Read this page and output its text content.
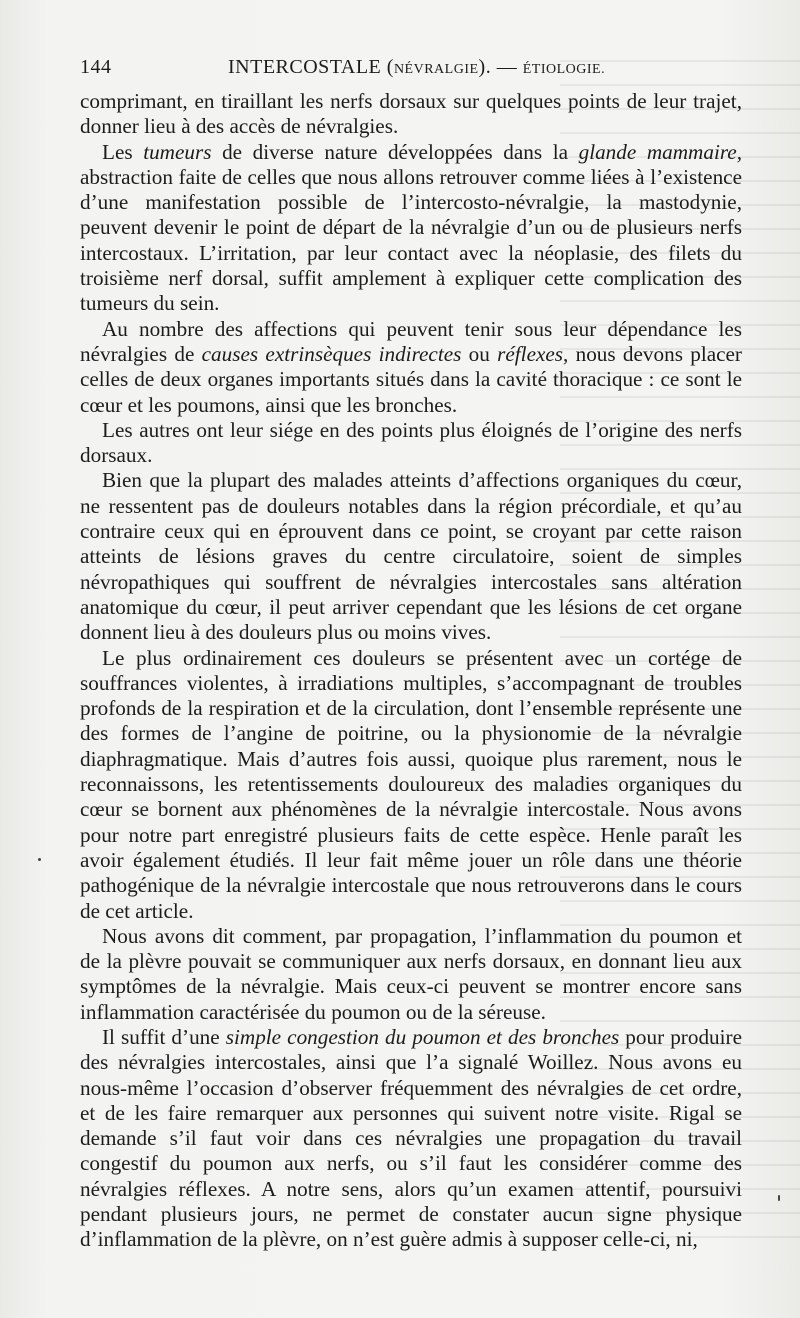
144	INTERCOSTALE (NÉVRALGIE). — ÉTIOLOGIE.

comprimant, en tiraillant les nerfs dorsaux sur quelques points de leur trajet, donner lieu à des accès de névralgies.

Les tumeurs de diverse nature développées dans la glande mammaire, abstraction faite de celles que nous allons retrouver comme liées à l’existence d’une manifestation possible de l’intercosto-névralgie, la mastodynie, peuvent devenir le point de départ de la névralgie d’un ou de plusieurs nerfs intercostaux. L’irritation, par leur contact avec la néoplasie, des filets du troisième nerf dorsal, suffit amplement à expliquer cette complication des tumeurs du sein.

Au nombre des affections qui peuvent tenir sous leur dépendance les névralgies de causes extrinsèques indirectes ou réflexes, nous devons placer celles de deux organes importants situés dans la cavité thoracique : ce sont le cœur et les poumons, ainsi que les bronches.

Les autres ont leur siége en des points plus éloignés de l’origine des nerfs dorsaux.

Bien que la plupart des malades atteints d’affections organiques du cœur, ne ressentent pas de douleurs notables dans la région précordiale, et qu’au contraire ceux qui en éprouvent dans ce point, se croyant par cette raison atteints de lésions graves du centre circulatoire, soient de simples névropathiques qui souffrent de névralgies intercostales sans altération anatomique du cœur, il peut arriver cependant que les lésions de cet organe donnent lieu à des douleurs plus ou moins vives.

Le plus ordinairement ces douleurs se présentent avec un cortége de souffrances violentes, à irradiations multiples, s’accompagnant de troubles profonds de la respiration et de la circulation, dont l’ensemble représente une des formes de l’angine de poitrine, ou la physionomie de la névralgie diaphragmatique. Mais d’autres fois aussi, quoique plus rarement, nous le reconnaissons, les retentissements douloureux des maladies organiques du cœur se bornent aux phénomènes de la névralgie intercostale. Nous avons pour notre part enregistré plusieurs faits de cette espèce. Henle paraît les avoir également étudiés. Il leur fait même jouer un rôle dans une théorie pathogénique de la névralgie intercostale que nous retrouverons dans le cours de cet article.

Nous avons dit comment, par propagation, l’inflammation du poumon et de la plèvre pouvait se communiquer aux nerfs dorsaux, en donnant lieu aux symptômes de la névralgie. Mais ceux-ci peuvent se montrer encore sans inflammation caractérisée du poumon ou de la séreuse.

Il suffit d’une simple congestion du poumon et des bronches pour produire des névralgies intercostales, ainsi que l’a signalé Woillez. Nous avons eu nous-même l’occasion d’observer fréquemment des névralgies de cet ordre, et de les faire remarquer aux personnes qui suivent notre visite. Rigal se demande s’il faut voir dans ces névralgies une propagation du travail congestif du poumon aux nerfs, ou s’il faut les considérer comme des névralgies réflexes. A notre sens, alors qu’un examen attentif, poursuivi pendant plusieurs jours, ne permet de constater aucun signe physique d’inflammation de la plèvre, on n’est guère admis à supposer celle-ci, ni,
